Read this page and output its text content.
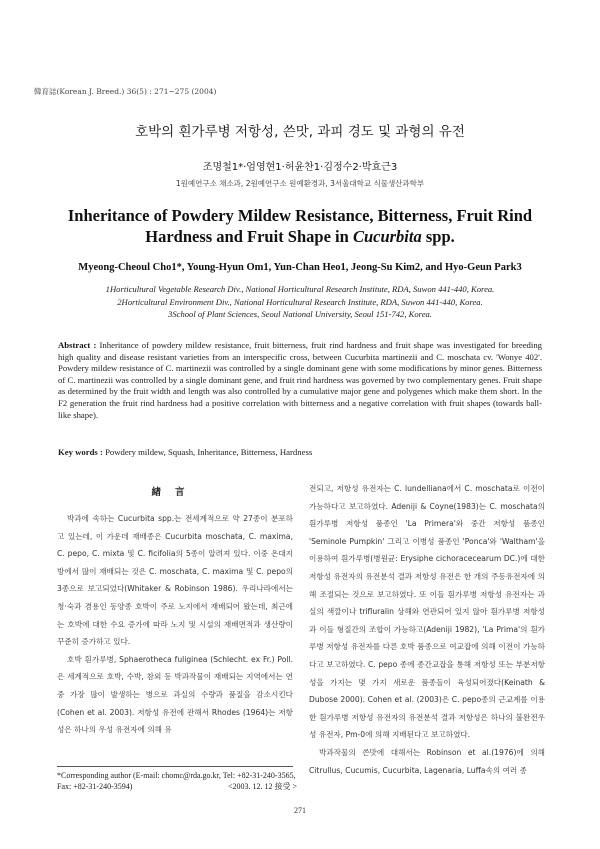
韓育誌(Korean J. Breed.) 36(5) : 271~275 (2004)
호박의 흰가루병 저항성, 쓴맛, 과피 경도 및 과형의 유전
조명철1*·엄영현1·허윤찬1·김정수2·박효근3
1원예연구소 채소과, 2원예연구소 원예환경과, 3서울대학교 식물생산과학부
Inheritance of Powdery Mildew Resistance, Bitterness, Fruit Rind
Hardness and Fruit Shape in Cucurbita spp.
Myeong-Cheoul Cho1*, Young-Hyun Om1, Yun-Chan Heo1, Jeong-Su Kim2, and Hyo-Geun Park3
1Horticultural Vegetable Research Div., National Horticultural Research Institute, RDA, Suwon 441-440, Korea.
2Horticultural Environment Div., National Horticultural Research Institute, RDA, Suwon 441-440, Korea.
3School of Plant Sciences, Seoul National University, Seoul 151-742, Korea.
Abstract : Inheritance of powdery mildew resistance, fruit bitterness, fruit rind hardness and fruit shape was investigated for breeding high quality and disease resistant varieties from an interspecific cross, between Cucurbita martinezii and C. moschata cv. 'Wonye 402'. Powdery mildew resistance of C. martinezii was controlled by a single dominant gene with some modifications by minor genes. Bitterness of C. martinezii was controlled by a single dominant gene, and fruit rind hardness was governed by two complementary genes. Fruit shape as determined by the fruit width and length was also controlled by a cumulative major gene and polygenes which make them short. In the F2 generation the fruit rind hardness had a positive correlation with bitterness and a negative correlation with fruit shapes (towards ball-like shape).
Key words : Powdery mildew, Squash, Inheritance, Bitterness, Hardness
緖言

박과에 속하는 Cucurbita spp.는 전세계적으로 약 27종이 분포하고 있는데, 이 가운데 재배종은 Cucurbita moschata, C. maxima, C. pepo, C. mixta 및 C. ficifolia의 5종이 알려져 있다. 이중 온대지방에서 많이 재배되는 것은 C. moschata, C. maxima 및 C. pepo의 3종으로 보고되었다(Whitaker & Robinson 1986). 우리나라에서는 청·숙과 겸용인 동양종 호박이 주로 노지에서 재배되어 왔는데, 최근에는 호박에 대한 수요 증가에 따라 노지 및 시설의 재배면적과 생산량이 꾸준히 증가하고 있다.

호박 흰가루병, Sphaerotheca fuliginea (Schlecht. ex Fr.) Poll.은 세계적으로 호박, 수박, 참외 등 박과작물이 재배되는 지역에서는 연중 가장 많이 발생하는 병으로 과실의 수량과 품질을 감소시킨다(Cohen et al. 2003). 저항성 유전에 관해서 Rhodes (1964)는 저항성은 하나의 우성 유전자에 의해 유

전되고, 저항성 유전자는 C. lundelliana에서 C. moschata로 이전이 가능하다고 보고하였다. Adeniji & Coyne(1983)는 C. moschata의 흰가루병 저항성 품종인 'La Primera'와 중간 저항성 품종인 'Seminole Pumpkin' 그리고 이병성 품종인 'Ponca'와 'Waltham'을 이용하여 흰가루병(병원균: Erysiphe cichoracecearum DC.)에 대한 저항성 유전자의 유전분석 결과 저항성 유전은 한 개의 주동유전자에 의해 조절되는 것으로 보고하였다. 또 이들 흰가루병 저항성 유전자는 과실의 색깔이나 trifluralin 상해와 연관되어 있지 않아 흰가루병 저항성과 이들 형질간의 조합이 가능하고(Adeniji 1982), 'La Prima'의 흰가루병 저항성 유전자를 다른 호박 품종으로 여교잡에 의해 이전이 가능하다고 보고하였다. C. pepo 종에 종간교잡을 통해 저항성 또는 부분저항성을 가지는 몇 가지 새로운 품종들이 육성되어졌다(Keinath & Dubose 2000). Cohen et al. (2003)은 C. pepo종의 근교계를 이용한 흰가루병 저항성 유전자의 유전분석 결과 저항성은 하나의 불완전우성 유전자, Pm-0에 의해 지배된다고 보고하였다.

박과작물의 쓴맛에 대해서는 Robinson et al.(1976)에 의해 Citrullus, Cucumis, Cucurbita, Lagenaria, Luffa속의 여러 종

*Corresponding author (E-mail: chomc@rda.go.kr, Tel: +82-31-240-3565, Fax: +82-31-240-3594)	<2003. 12. 12 接受 >
271
